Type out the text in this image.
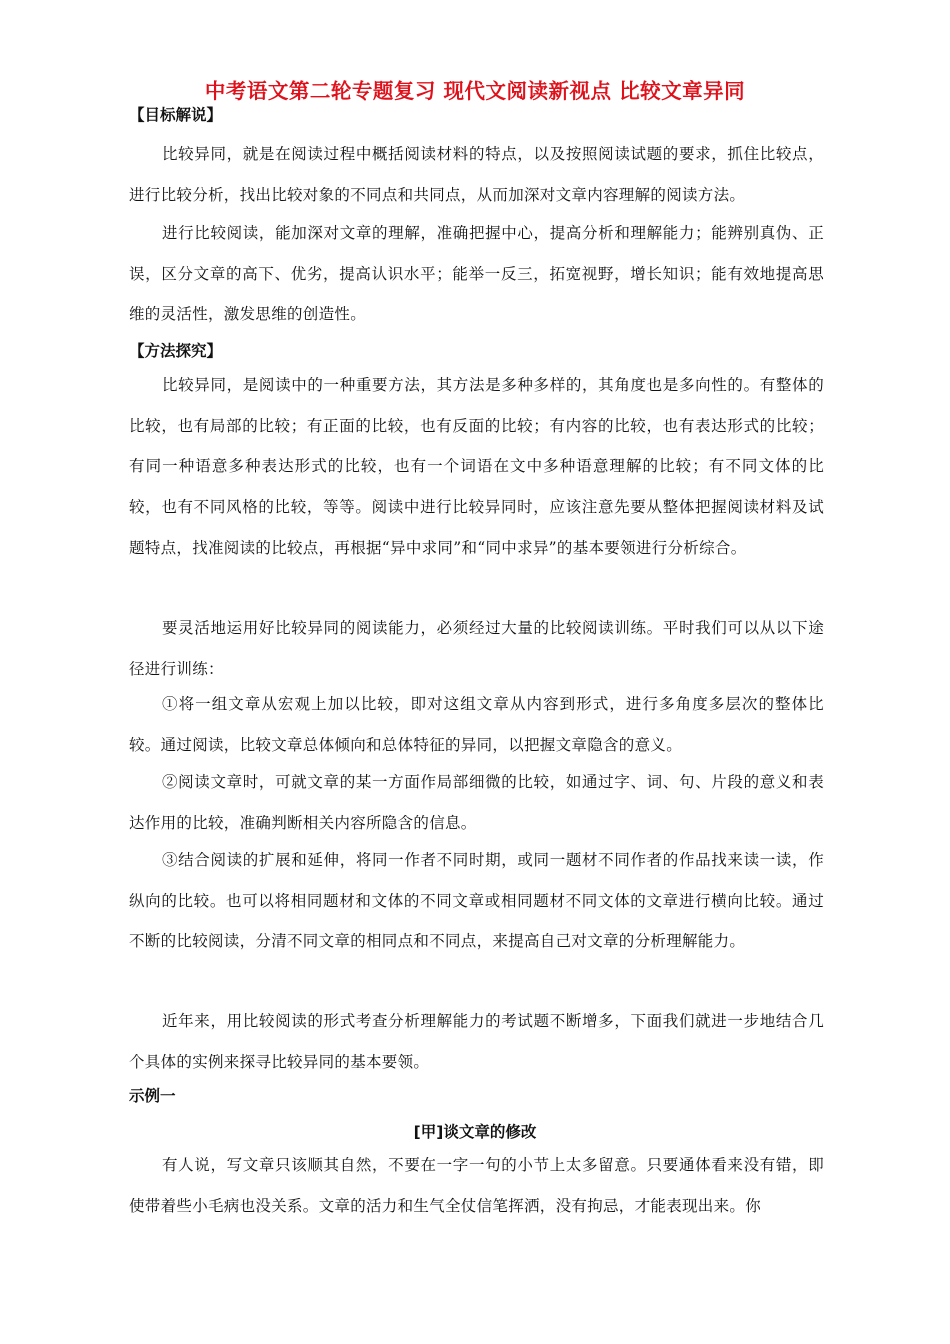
中考语文第二轮专题复习 现代文阅读新视点 比较文章异同
【目标解说】
比较异同，就是在阅读过程中概括阅读材料的特点，以及按照阅读试题的要求，抓住比较点，进行比较分析，找出比较对象的不同点和共同点，从而加深对文章内容理解的阅读方法。
进行比较阅读，能加深对文章的理解，准确把握中心，提高分析和理解能力；能辨别真伪、正误，区分文章的高下、优劣，提高认识水平；能举一反三，拓宽视野，增长知识；能有效地提高思维的灵活性，激发思维的创造性。
【方法探究】
比较异同，是阅读中的一种重要方法，其方法是多种多样的，其角度也是多向性的。有整体的比较，也有局部的比较；有正面的比较，也有反面的比较；有内容的比较，也有表达形式的比较；有同一种语意多种表达形式的比较，也有一个词语在文中多种语意理解的比较；有不同文体的比较，也有不同风格的比较，等等。阅读中进行比较异同时，应该注意先要从整体把握阅读材料及试题特点，找准阅读的比较点，再根据“异中求同”和“同中求异”的基本要领进行分析综合。
要灵活地运用好比较异同的阅读能力，必须经过大量的比较阅读训练。平时我们可以从以下途径进行训练：
①将一组文章从宏观上加以比较，即对这组文章从内容到形式，进行多角度多层次的整体比较。通过阅读，比较文章总体倾向和总体特征的异同，以把握文章隐含的意义。
②阅读文章时，可就文章的某一方面作局部细微的比较，如通过字、词、句、片段的意义和表达作用的比较，准确判断相关内容所隐含的信息。
③结合阅读的扩展和延伸，将同一作者不同时期，或同一题材不同作者的作品找来读一读，作纵向的比较。也可以将相同题材和文体的不同文章或相同题材不同文体的文章进行横向比较。通过不断的比较阅读，分清不同文章的相同点和不同点，来提高自己对文章的分析理解能力。
近年来，用比较阅读的形式考查分析理解能力的考试题不断增多，下面我们就进一步地结合几个具体的实例来探寻比较异同的基本要领。
示例一
[甲]谈文章的修改
有人说，写文章只该顺其自然，不要在一字一句的小节上太多留意。只要通体看来没有错，即使带着些小毛病也没关系。文章的活力和生气全仗信笔挥洒，没有拘忌，才能表现出来。你
